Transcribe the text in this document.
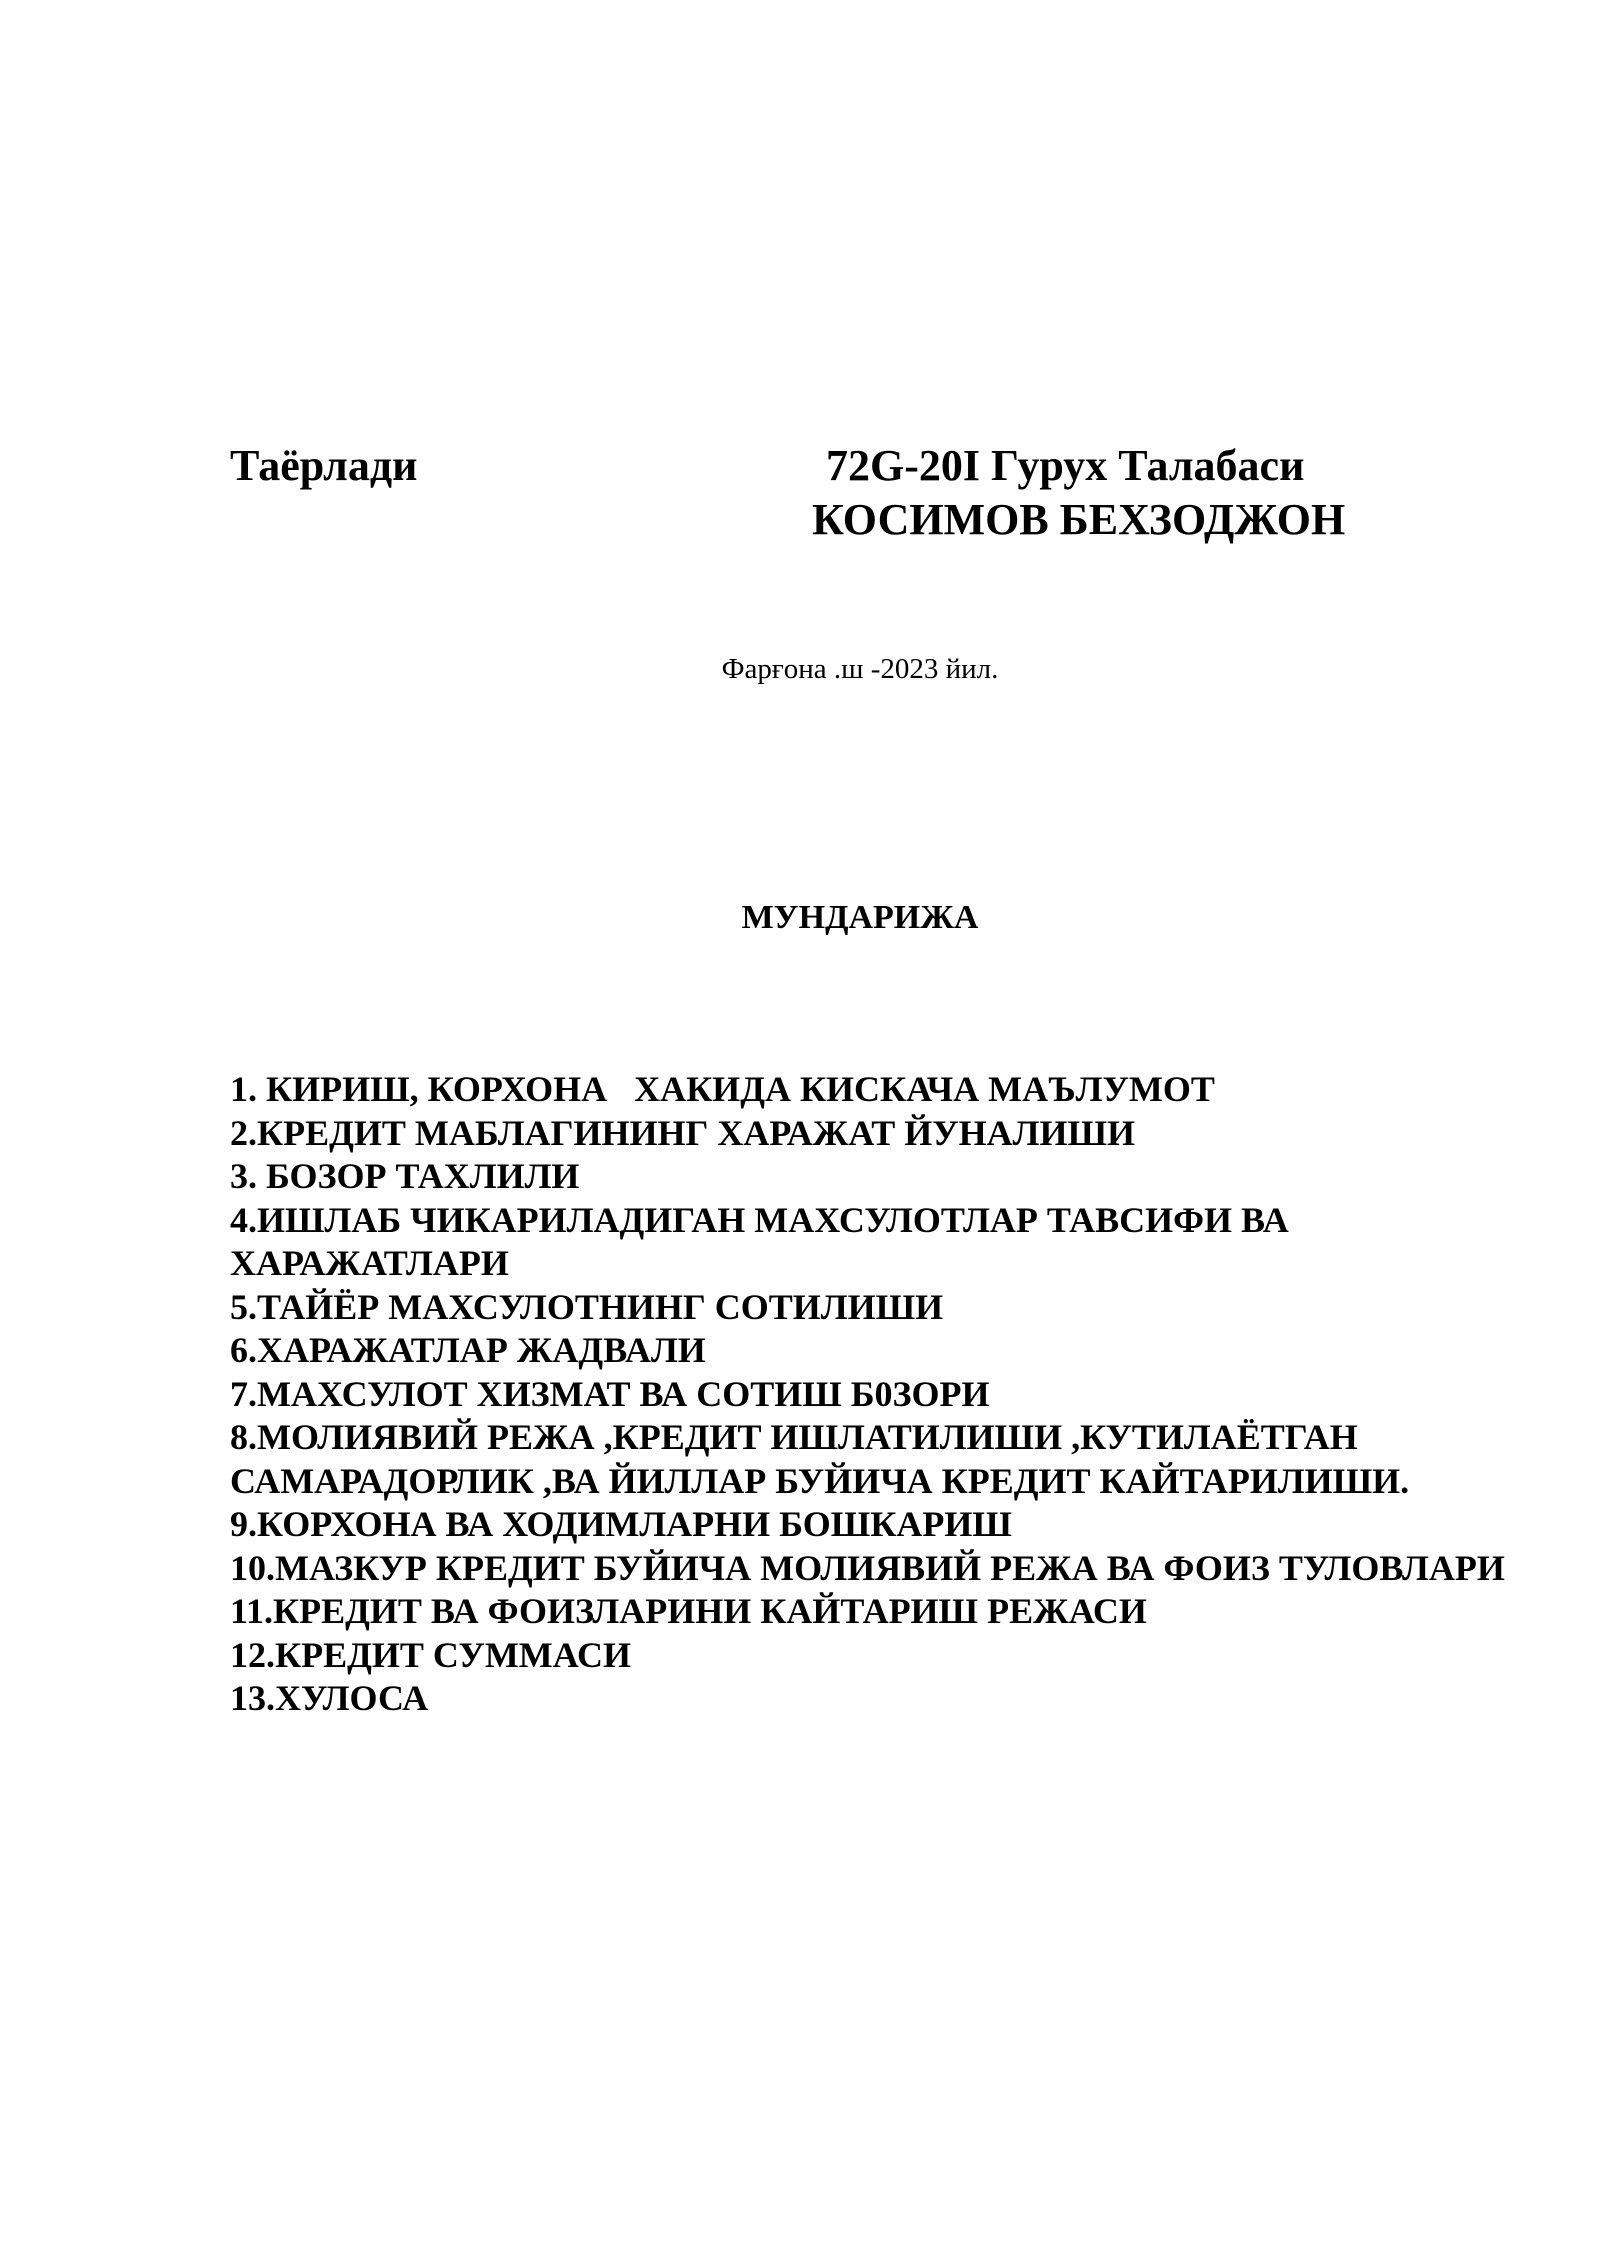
Таёрлади	72G-20I Гурух Талабаси
КОСИМОВ БЕХЗОДЖОН
Фарғона .ш -2023 йил.
МУНДАРИЖА
1. КИРИШ, КОРХОНА   ХАКИДА КИСКАЧА МАЪЛУМОТ
2.КРЕДИТ МАБЛАГИНИНГ ХАРАЖАТ ЙУНАЛИШИ
3. БОЗОР ТАХЛИЛИ
4.ИШЛАБ ЧИКАРИЛАДИГАН МАХСУЛОТЛАР ТАВСИФИ ВА ХАРАЖАТЛАРИ
5.ТАЙЁР МАХСУЛОТНИНГ СОТИЛИШИ
6.ХАРАЖАТЛАР ЖАДВАЛИ
7.МАХСУЛОТ ХИЗМАТ ВА СОТИШ Б0ЗОРИ
8.МОЛИЯВИЙ РЕЖА ,КРЕДИТ ИШЛАТИЛИШИ ,КУТИЛАЁТГАН САМАРАДОРЛИК ,ВА ЙИЛЛАР БУЙИЧА КРЕДИТ КАЙТАРИЛИШИ.
9.КОРХОНА ВА ХОДИМЛАРНИ БОШКАРИШ
10.МАЗКУР КРЕДИТ БУЙИЧА МОЛИЯВИЙ РЕЖА ВА ФОИЗ ТУЛОВЛАРИ
11.КРЕДИТ ВА ФОИЗЛАРИНИ КАЙТАРИШ РЕЖАСИ
12.КРЕДИТ СУММАСИ
13.ХУЛОСА
